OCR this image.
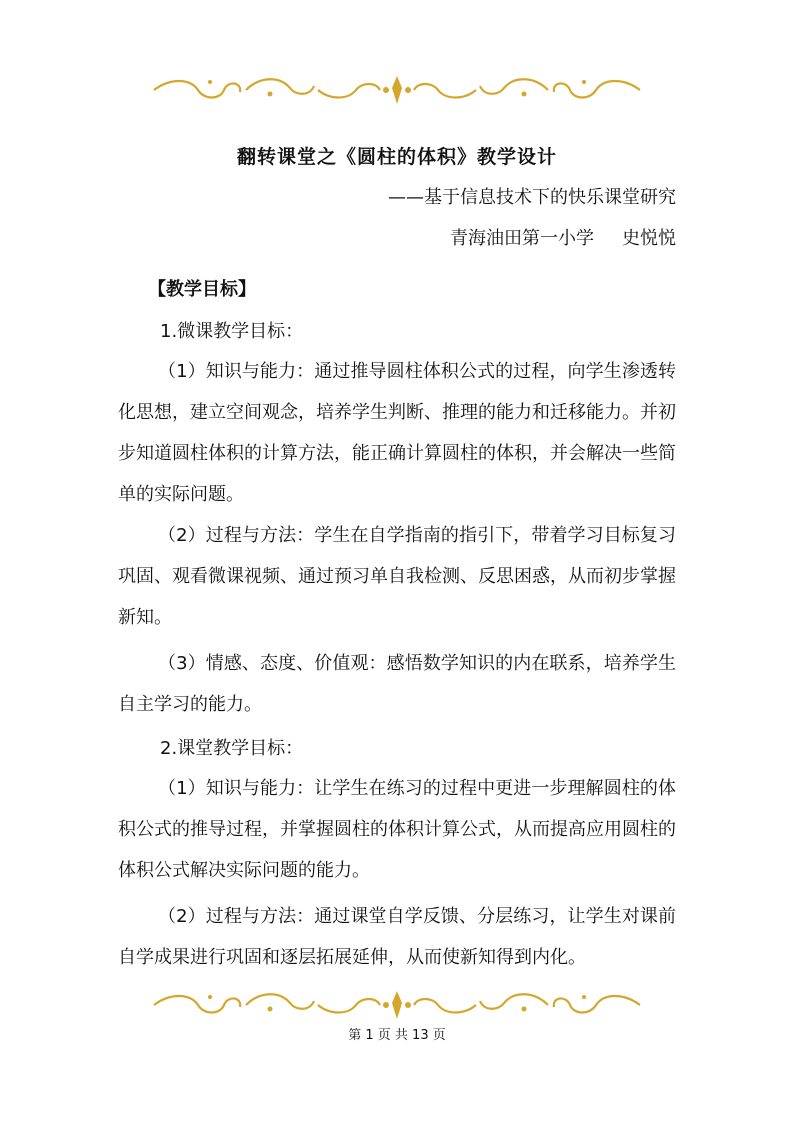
翻转课堂之《圆柱的体积》教学设计
——基于信息技术下的快乐课堂研究
青海油田第一小学 史悦悦
【教学目标】
1.微课教学目标：

（1）知识与能力：通过推导圆柱体积公式的过程，向学生渗透转化思想，建立空间观念，培养学生判断、推理的能力和迁移能力。并初步知道圆柱体积的计算方法，能正确计算圆柱的体积，并会解决一些简单的实际问题。

（2）过程与方法：学生在自学指南的指引下，带着学习目标复习巩固、观看微课视频、通过预习单自我检测、反思困惑，从而初步掌握新知。

（3）情感、态度、价值观：感悟数学知识的内在联系，培养学生自主学习的能力。

2.课堂教学目标：

（1）知识与能力：让学生在练习的过程中更进一步理解圆柱的体积公式的推导过程，并掌握圆柱的体积计算公式，从而提高应用圆柱的体积公式解决实际问题的能力。

（2）过程与方法：通过课堂自学反馈、分层练习，让学生对课前自学成果进行巩固和逐层拓展延伸，从而使新知得到内化。

第 1 页 共 13 页
